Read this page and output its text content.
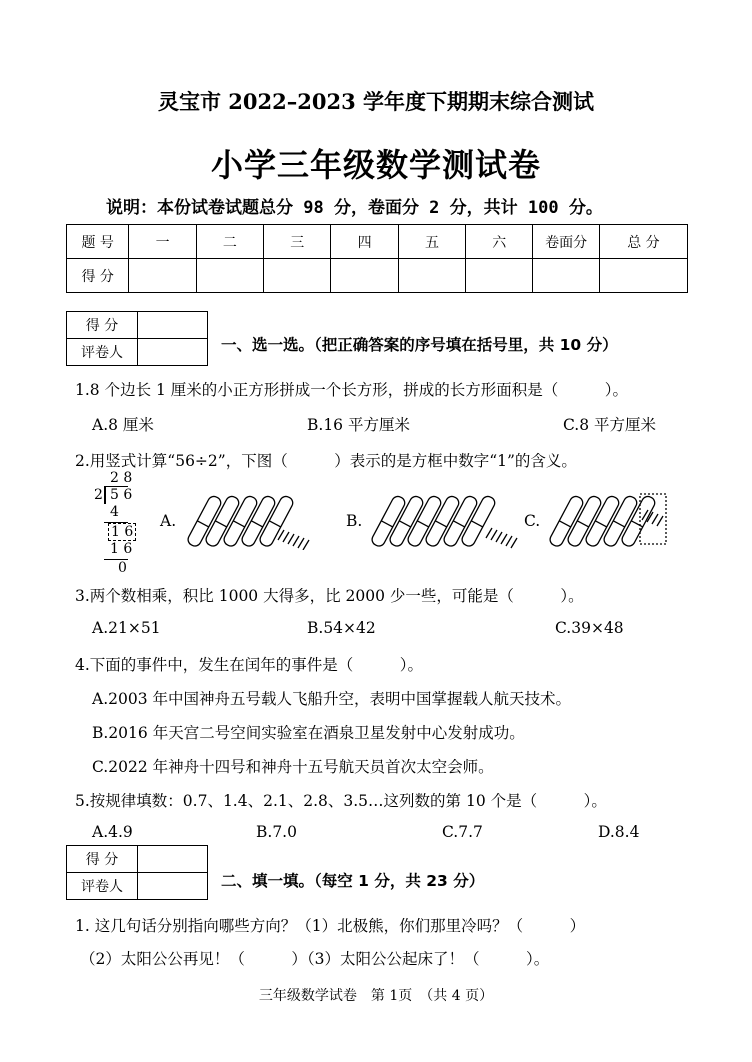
灵宝市 2022–2023 学年度下期期末综合测试
小学三年级数学测试卷
说明：本份试卷试题总分 98 分，卷面分 2 分，共计 100 分。
题 号	一	二	三	四	五	六	卷面分	总 分
得 分								
得 分	
评卷人		一、选一选。（把正确答案的序号填在括号里，共 10 分）
1.8 个边长 1 厘米的小正方形拼成一个长方形，拼成的长方形面积是（　　　）。
A.8 厘米	B.16 平方厘米	C.8 平方厘米
2.用竖式计算“56÷2”，下图（　　　）表示的是方框中数字“1”的含义。
2 8
2 5 6
4
1 6
1 6
0
A.	B.	C.
3.两个数相乘，积比 1000 大得多，比 2000 少一些，可能是（　　　）。
A.21×51	B.54×42	C.39×48
4.下面的事件中，发生在闰年的事件是（　　　）。
A.2003 年中国神舟五号载人飞船升空，表明中国掌握载人航天技术。
B.2016 年天宫二号空间实验室在酒泉卫星发射中心发射成功。
C.2022 年神舟十四号和神舟十五号航天员首次太空会师。
5.按规律填数：0.7、1.4、2.1、2.8、3.5…这列数的第 10 个是（　　　）。
A.4.9	B.7.0	C.7.7	D.8.4
得 分	
评卷人		二、填一填。（每空 1 分，共 23 分）
1. 这几句话分别指向哪些方向？（1）北极熊，你们那里冷吗？（　　　）
（2）太阳公公再见！（　　　）（3）太阳公公起床了！（　　　）。
三年级数学试卷　第 1页　（共 4 页）
